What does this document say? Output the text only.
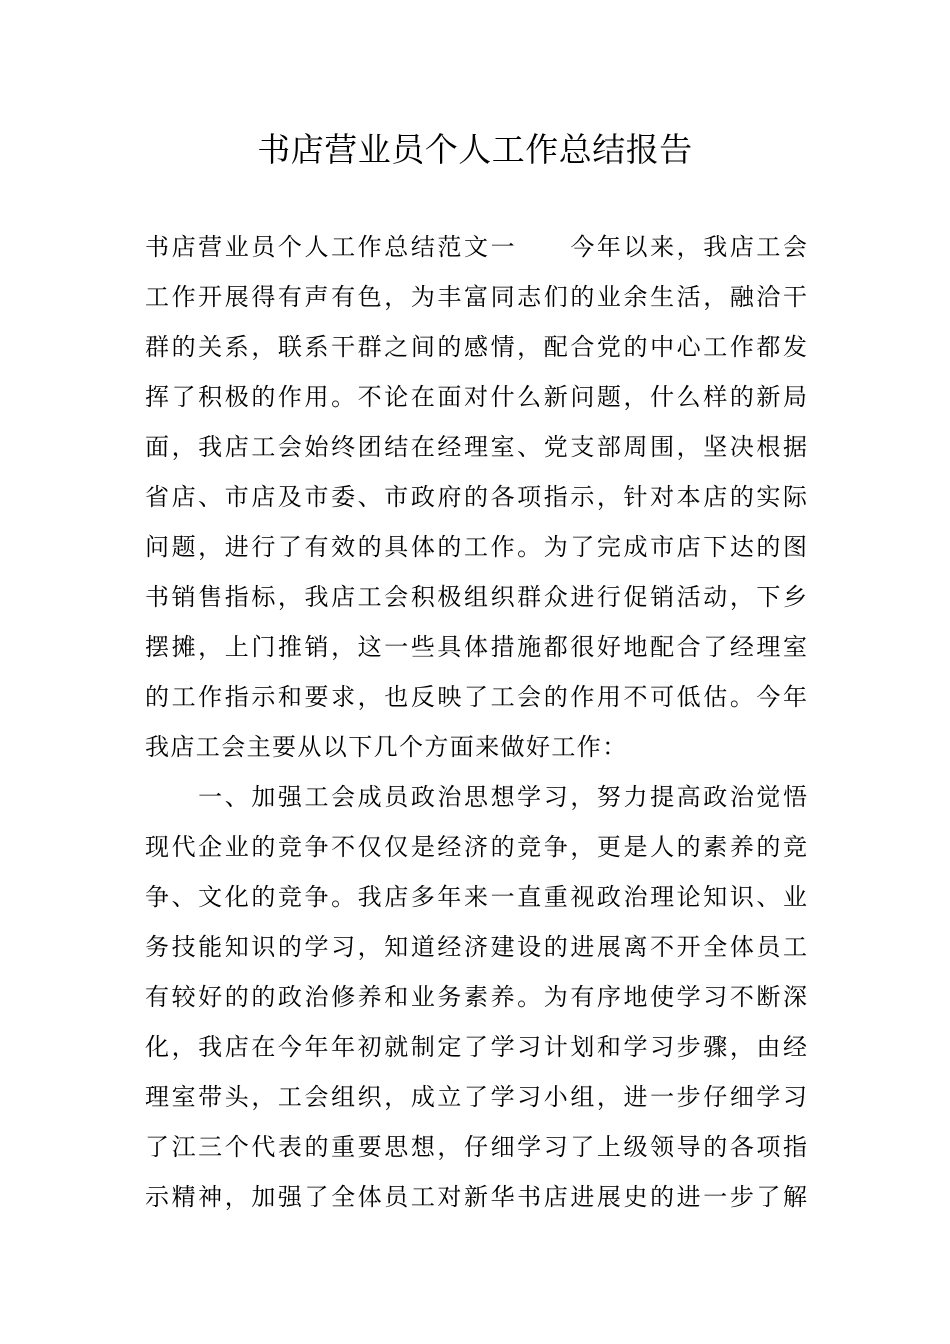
书店营业员个人工作总结报告
书店营业员个人工作总结范文一　　今年以来，我店工会
工作开展得有声有色，为丰富同志们的业余生活，融洽干
群的关系，联系干群之间的感情，配合党的中心工作都发
挥了积极的作用。不论在面对什么新问题，什么样的新局
面，我店工会始终团结在经理室、党支部周围，坚决根据
省店、市店及市委、市政府的各项指示，针对本店的实际
问题，进行了有效的具体的工作。为了完成市店下达的图
书销售指标，我店工会积极组织群众进行促销活动，下乡
摆摊，上门推销，这一些具体措施都很好地配合了经理室
的工作指示和要求，也反映了工会的作用不可低估。今年
我店工会主要从以下几个方面来做好工作：
　　一、加强工会成员政治思想学习，努力提高政治觉悟
现代企业的竞争不仅仅是经济的竞争，更是人的素养的竞
争、文化的竞争。我店多年来一直重视政治理论知识、业
务技能知识的学习，知道经济建设的进展离不开全体员工
有较好的的政治修养和业务素养。为有序地使学习不断深
化，我店在今年年初就制定了学习计划和学习步骤，由经
理室带头，工会组织，成立了学习小组，进一步仔细学习
了江三个代表的重要思想，仔细学习了上级领导的各项指
示精神，加强了全体员工对新华书店进展史的进一步了解
